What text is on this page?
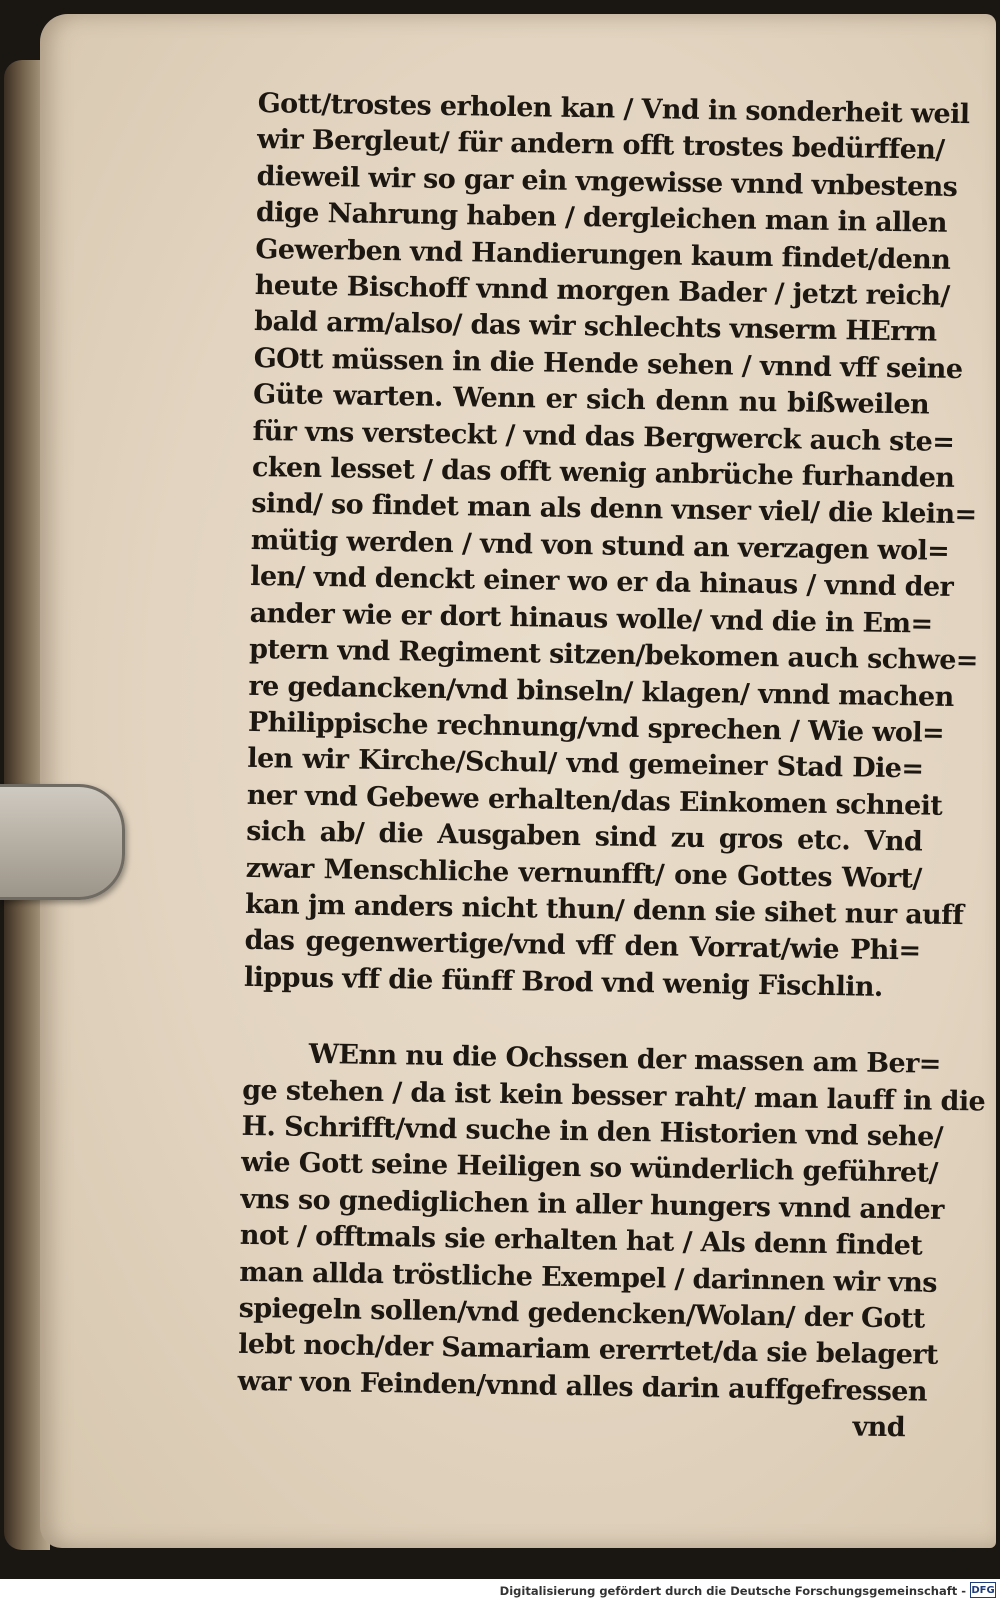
Gott/trostes erholen kan / Vnd in sonderheit weil
wir Bergleut/ für andern offt trostes bedürffen/
dieweil wir so gar ein vngewisse vnnd vnbestens
dige Nahrung haben / dergleichen man in allen
Gewerben vnd Handierungen kaum findet/denn
heute Bischoff vnnd morgen Bader / jetzt reich/
bald arm/also/ das wir schlechts vnserm HErrn
GOtt müssen in die Hende sehen / vnnd vff seine
Güte warten. Wenn er sich denn nu bißweilen
für vns versteckt / vnd das Bergwerck auch ste=
cken lesset / das offt wenig anbrüche furhanden
sind/ so findet man als denn vnser viel/ die klein=
mütig werden / vnd von stund an verzagen wol=
len/ vnd denckt einer wo er da hinaus / vnnd der
ander wie er dort hinaus wolle/ vnd die in Em=
ptern vnd Regiment sitzen/bekomen auch schwe=
re gedancken/vnd binseln/ klagen/ vnnd machen
Philippische rechnung/vnd sprechen / Wie wol=
len wir Kirche/Schul/ vnd gemeiner Stad Die=
ner vnd Gebewe erhalten/das Einkomen schneit
sich ab/ die Ausgaben sind zu gros etc. Vnd
zwar Menschliche vernunfft/ one Gottes Wort/
kan jm anders nicht thun/ denn sie sihet nur auff
das gegenwertige/vnd vff den Vorrat/wie Phi=
lippus vff die fünff Brod vnd wenig Fischlin.
WEnn nu die Ochssen der massen am Ber=
ge stehen / da ist kein besser raht/ man lauff in die
H. Schrifft/vnd suche in den Historien vnd sehe/
wie Gott seine Heiligen so wünderlich geführet/
vns so gnediglichen in aller hungers vnnd ander
not / offtmals sie erhalten hat / Als denn findet
man allda tröstliche Exempel / darinnen wir vns
spiegeln sollen/vnd gedencken/Wolan/ der Gott
lebt noch/der Samariam ererrtet/da sie belagert
war von Feinden/vnnd alles darin auffgefressen
vnd
Digitalisierung gefördert durch die Deutsche Forschungsgemeinschaft - DFG
